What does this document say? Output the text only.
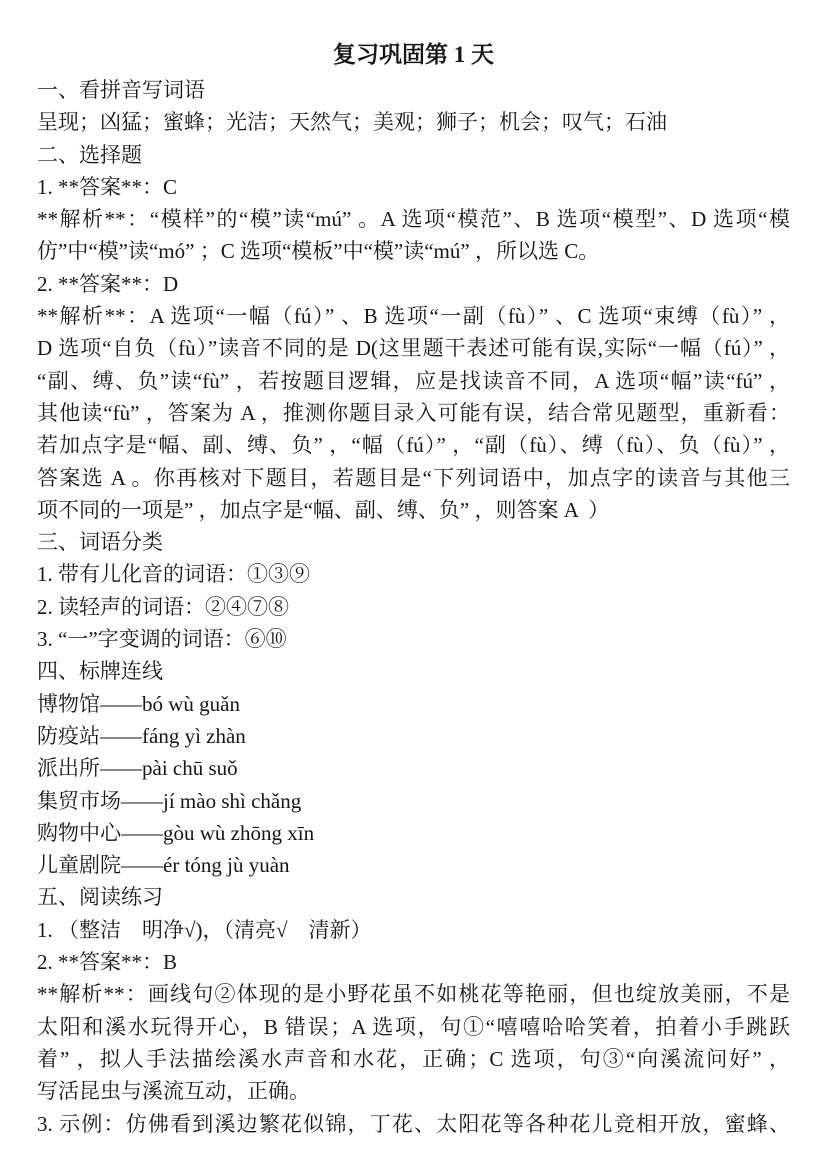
复习巩固第 1 天
一、看拼音写词语
呈现；凶猛；蜜蜂；光洁；天然气；美观；狮子；机会；叹气；石油
二、选择题
1. **答案**：C
**解析**：“模样”的“模”读“mú” 。A 选项“模范”、B 选项“模型”、D 选项“模
仿”中“模”读“mó” ；C 选项“模板”中“模”读“mú” ，所以选 C。
2. **答案**：D
**解析**：A 选项“一幅（fú）” 、B 选项“一副（fù）” 、C 选项“束缚（fù）” ，
D 选项“自负（fù）”读音不同的是 D(这里题干表述可能有误,实际“一幅（fú）” ，
“副、缚、负”读“fù” ，若按题目逻辑，应是找读音不同，A 选项“幅”读“fú” ，
其他读“fù” ，答案为 A ，推测你题目录入可能有误，结合常见题型，重新看：
若加点字是“幅、副、缚、负” ，“幅（fú）” ，“副（fù）、缚（fù）、负（fù）” ，
答案选 A 。你再核对下题目，若题目是“下列词语中，加点字的读音与其他三
项不同的一项是” ，加点字是“幅、副、缚、负” ，则答案 A  ）
三、词语分类
1. 带有儿化音的词语：①③⑨
2. 读轻声的词语：②④⑦⑧
3. “一”字变调的词语：⑥⑩
四、标牌连线
博物馆——bó wù guǎn
防疫站——fáng yì zhàn
派出所——pài chū suǒ
集贸市场——jí mào shì chǎng
购物中心——gòu wù zhōng xīn
儿童剧院——ér tóng jù yuàn
五、阅读练习
1. （整洁　明净√)，（清亮√　清新）
2. **答案**：B
**解析**：画线句②体现的是小野花虽不如桃花等艳丽，但也绽放美丽，不是
太阳和溪水玩得开心，B 错误；A 选项，句①“嘻嘻哈哈笑着，拍着小手跳跃
着” ，拟人手法描绘溪水声音和水花，正确；C 选项，句③“向溪流问好” ，
写活昆虫与溪流互动，正确。
3. 示例：仿佛看到溪边繁花似锦，丁花、太阳花等各种花儿竞相开放，蜜蜂、
